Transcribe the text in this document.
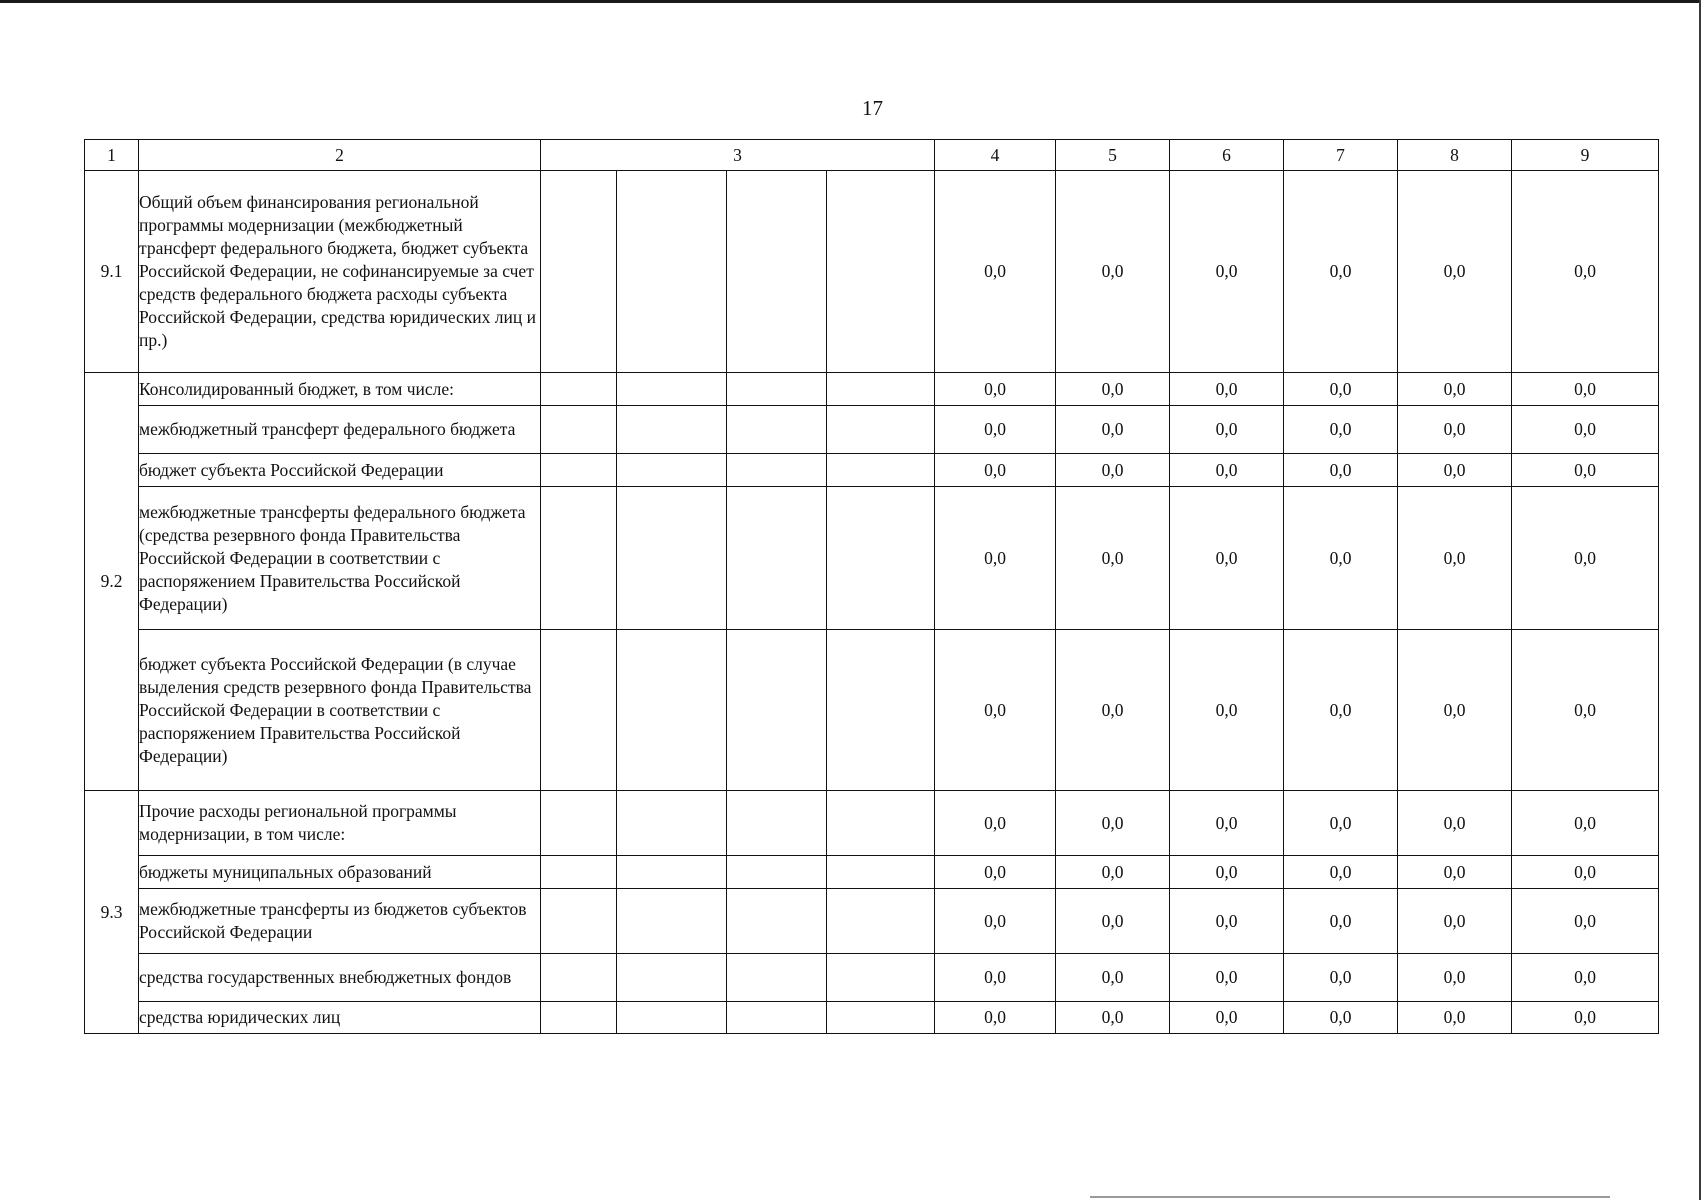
17
1	2	3				4	5	6	7	8	9
9.1	Общий объем финансирования региональной программы модернизации (межбюджетный трансферт федерального бюджета, бюджет субъекта Российской Федерации, не софинансируемые за счет средств федерального бюджета расходы субъекта Российской Федерации, средства юридических лиц и пр.)					0,0	0,0	0,0	0,0	0,0	0,0
9.2	Консолидированный бюджет, в том числе:					0,0	0,0	0,0	0,0	0,0	0,0
	межбюджетный трансферт федерального бюджета					0,0	0,0	0,0	0,0	0,0	0,0
	бюджет субъекта Российской Федерации					0,0	0,0	0,0	0,0	0,0	0,0
	межбюджетные трансферты федерального бюджета (средства резервного фонда Правительства Российской Федерации в соответствии с распоряжением Правительства Российской Федерации)					0,0	0,0	0,0	0,0	0,0	0,0
	бюджет субъекта Российской Федерации (в случае выделения средств резервного фонда Правительства Российской Федерации в соответствии с распоряжением Правительства Российской Федерации)					0,0	0,0	0,0	0,0	0,0	0,0
9.3	Прочие расходы региональной программы модернизации, в том числе:					0,0	0,0	0,0	0,0	0,0	0,0
	бюджеты муниципальных образований					0,0	0,0	0,0	0,0	0,0	0,0
	межбюджетные трансферты из бюджетов субъектов Российской Федерации					0,0	0,0	0,0	0,0	0,0	0,0
	средства государственных внебюджетных фондов					0,0	0,0	0,0	0,0	0,0	0,0
	средства юридических лиц					0,0	0,0	0,0	0,0	0,0	0,0
